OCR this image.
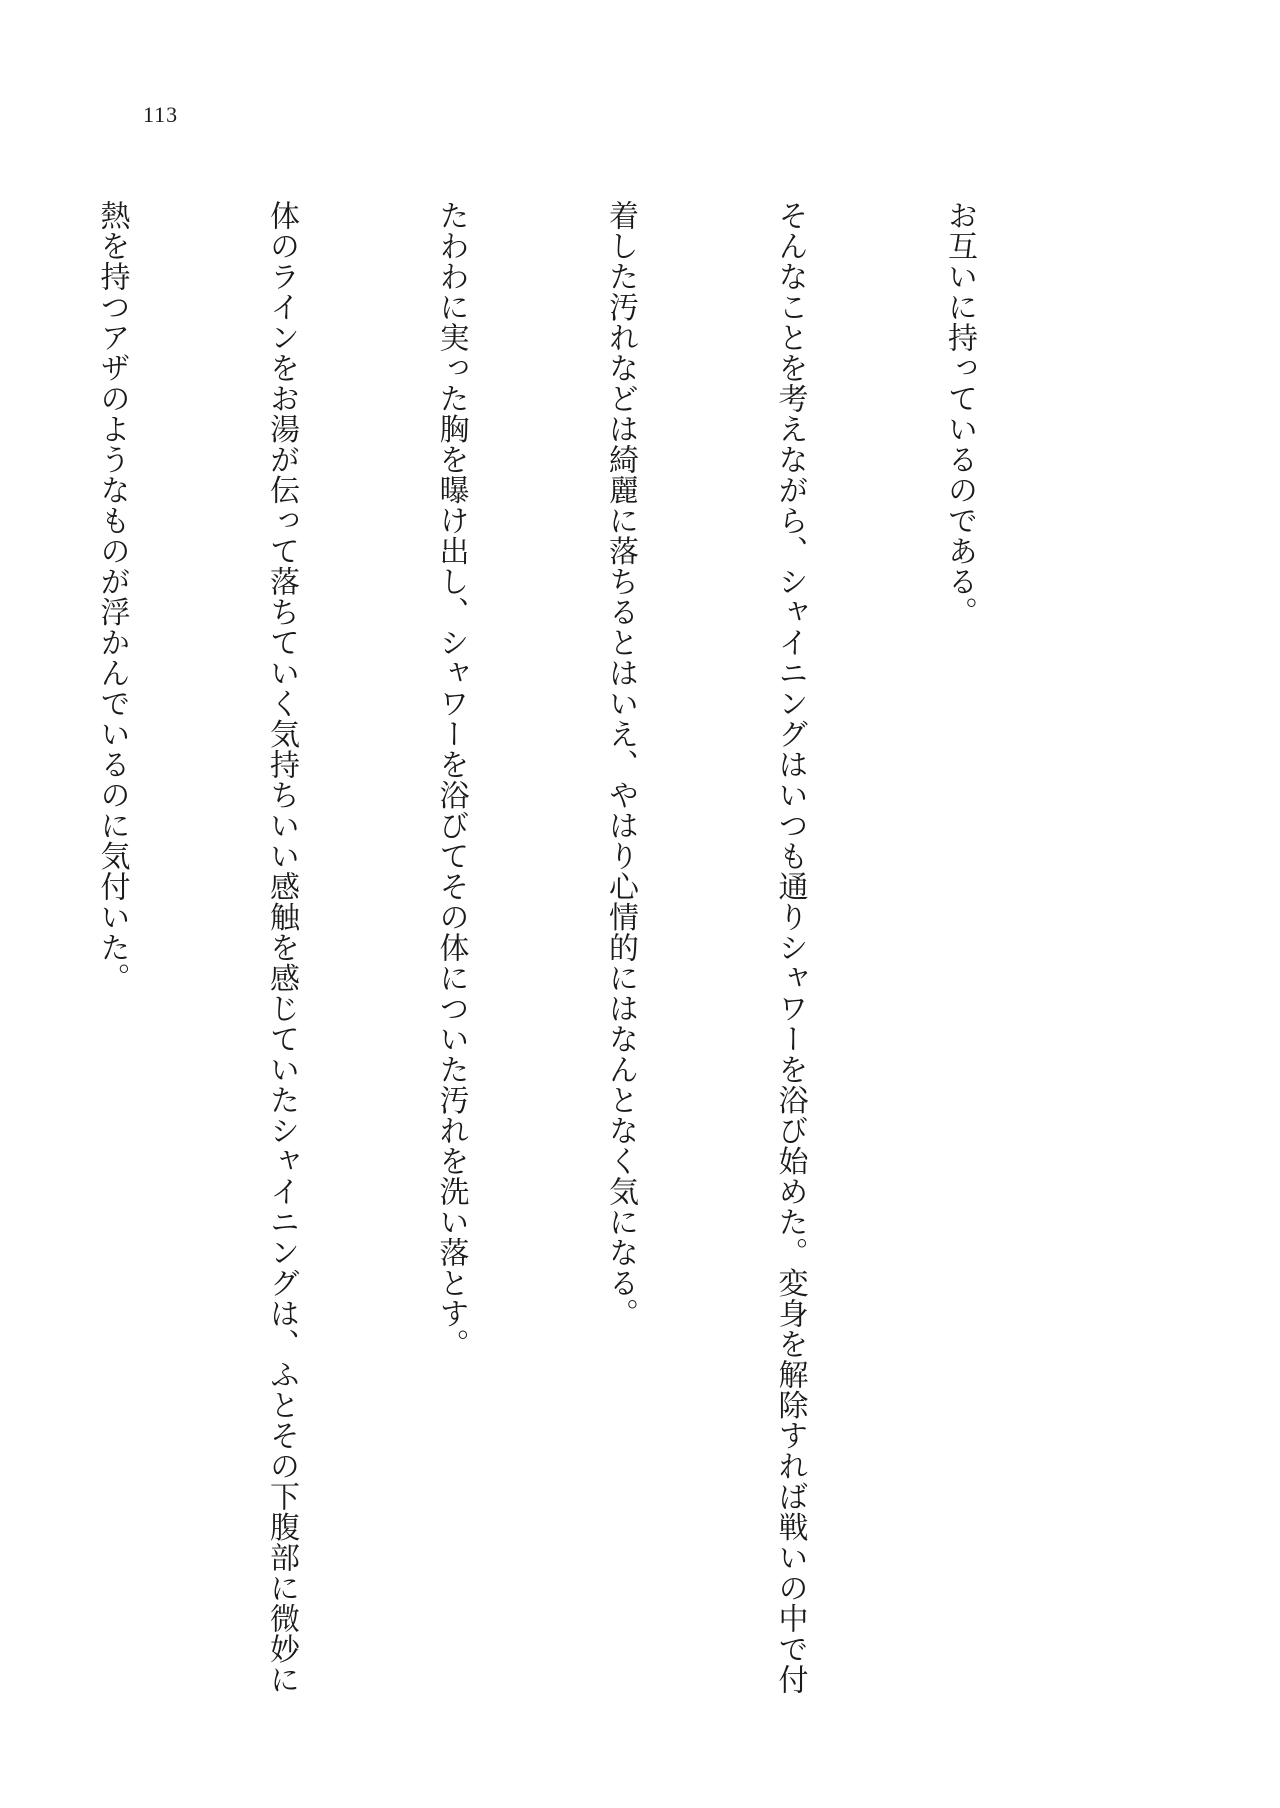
113

お互いに持っているのである。

そんなことを考えながら、シャイニングはいつも通りシャワーを浴び始めた。変身を解除すれば戦いの中で付

着した汚れなどは綺麗に落ちるとはいえ、やはり心情的にはなんとなく気になる。

たわわに実った胸を曝け出し、シャワーを浴びてその体についた汚れを洗い落とす。

体のラインをお湯が伝って落ちていく気持ちいい感触を感じていたシャイニングは、ふとその下腹部に微妙に

熱を持つアザのようなものが浮かんでいるのに気付いた。
